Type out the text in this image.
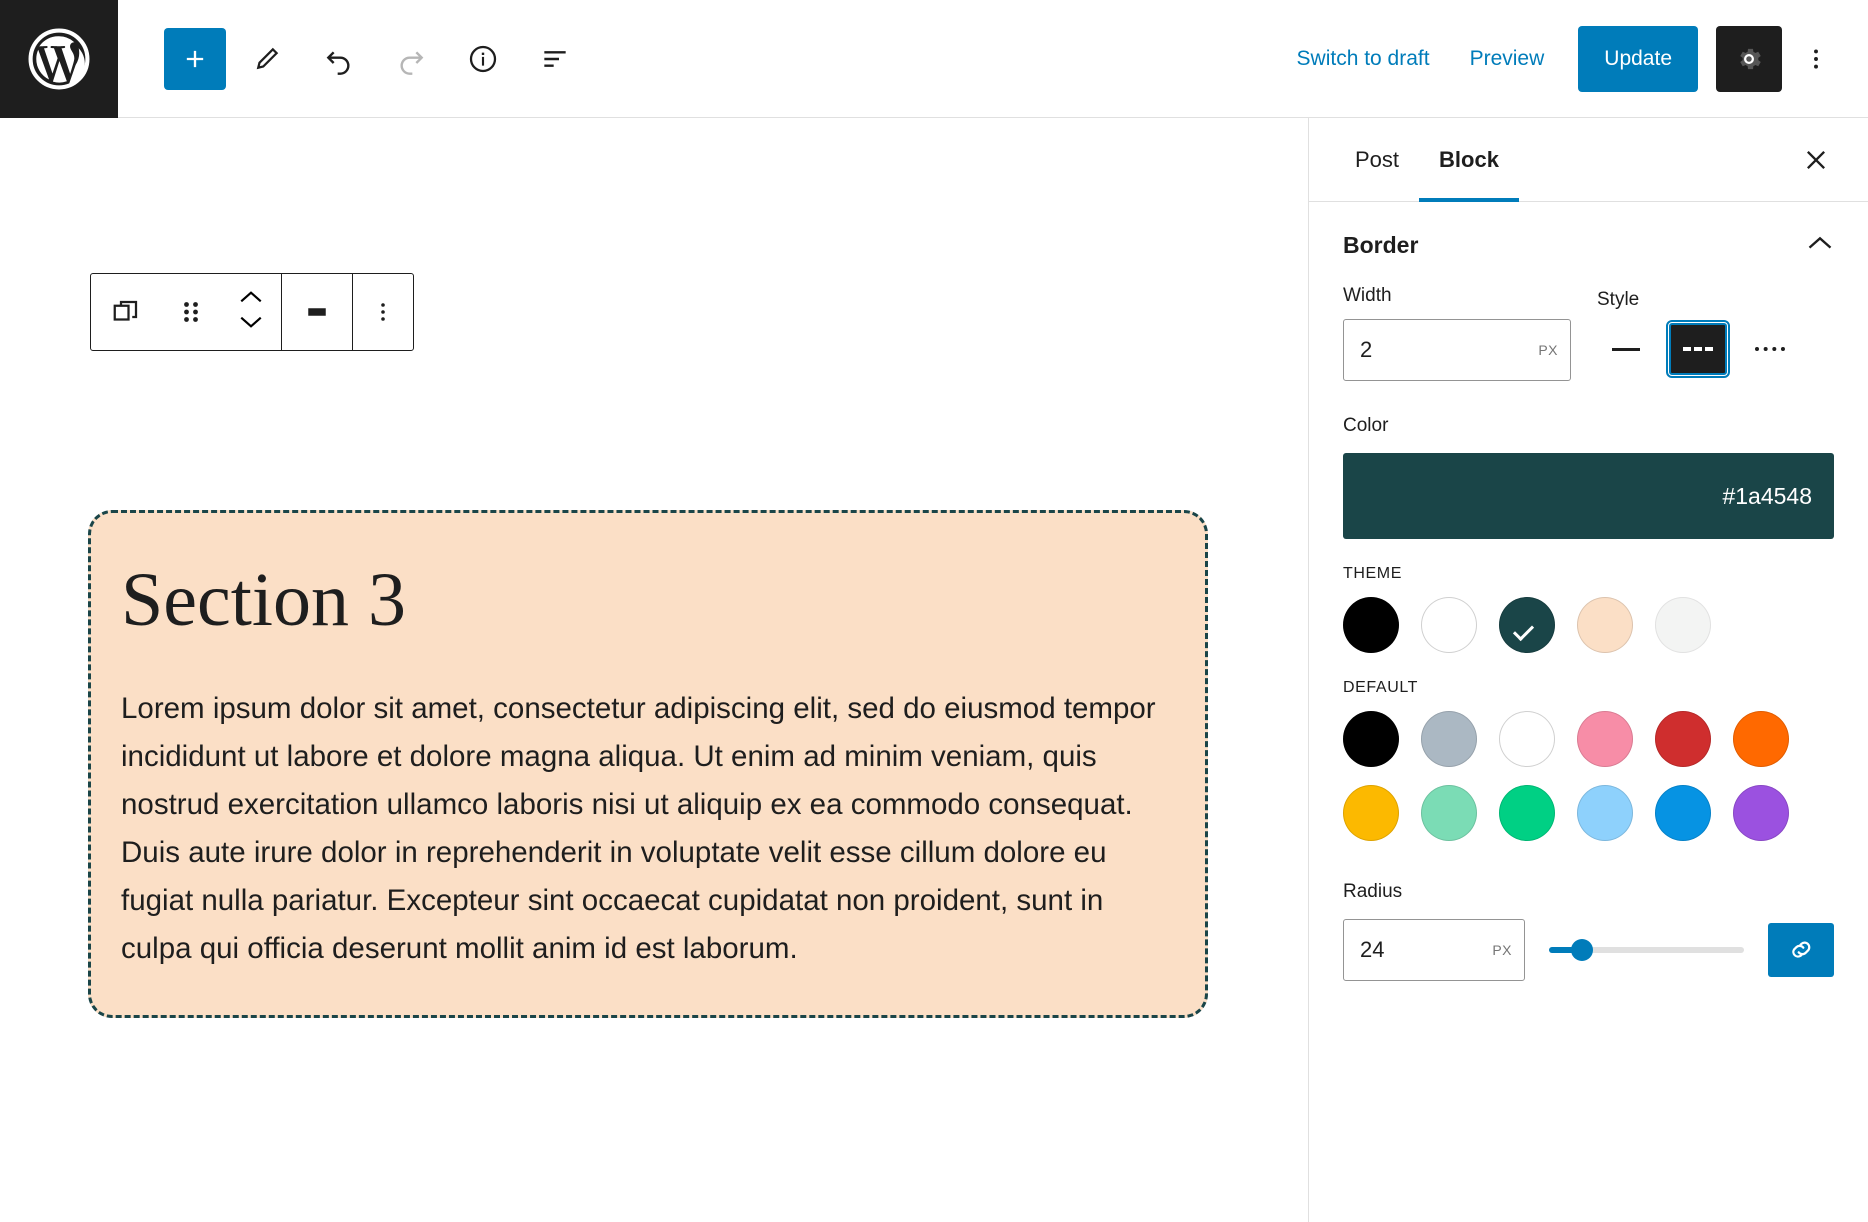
Switch to draft	Preview	Update
Section 3

Lorem ipsum dolor sit amet, consectetur adipiscing elit, sed do eiusmod tempor incididunt ut labore et dolore magna aliqua. Ut enim ad minim veniam, quis nostrud exercitation ullamco laboris nisi ut aliquip ex ea commodo consequat. Duis aute irure dolor in reprehenderit in voluptate velit esse cillum dolore eu fugiat nulla pariatur. Excepteur sint occaecat cupidatat non proident, sunt in culpa qui officia deserunt mollit anim id est laborum.

Post	Block
Border
Width
2
PX
Style
Color
#1a4548
THEME
DEFAULT
Radius
24
PX
